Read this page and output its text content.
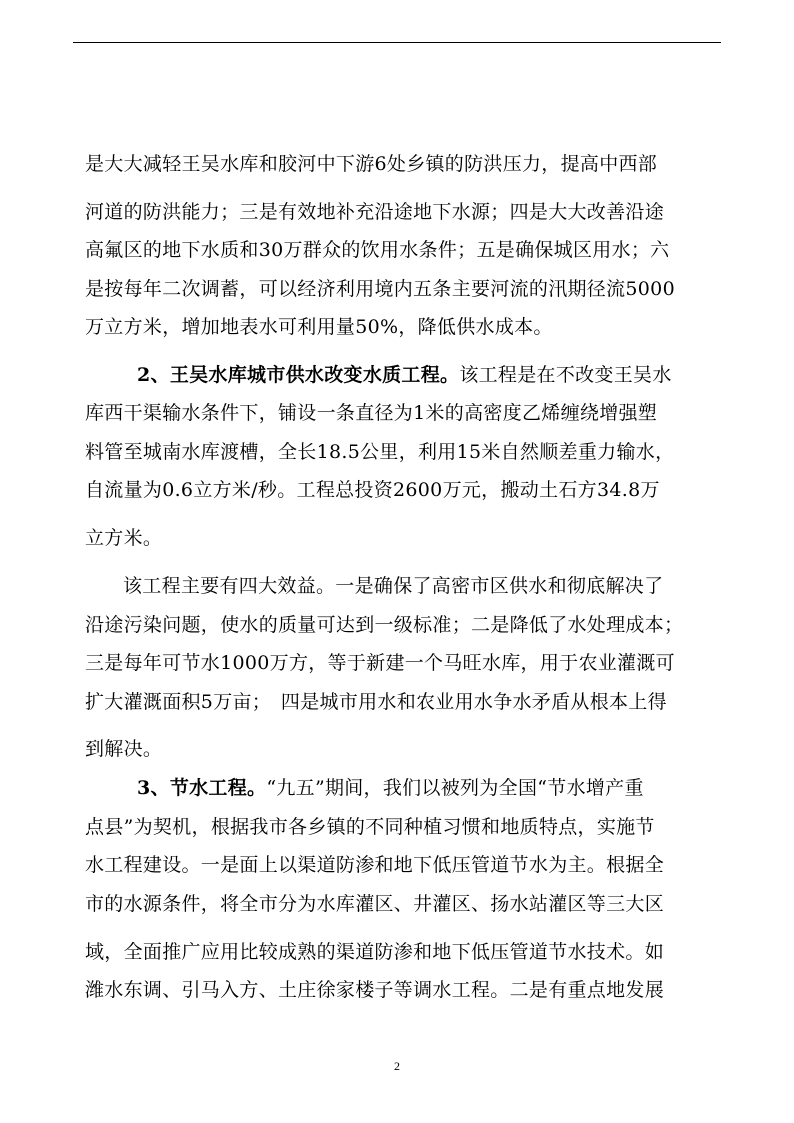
是大大减轻王吴水库和胶河中下游6处乡镇的防洪压力，提高中西部
河道的防洪能力；三是有效地补充沿途地下水源；四是大大改善沿途
高氟区的地下水质和30万群众的饮用水条件；五是确保城区用水；六
是按每年二次调蓄，可以经济利用境内五条主要河流的汛期径流5000
万立方米，增加地表水可利用量50%，降低供水成本。
2、王吴水库城市供水改变水质工程。该工程是在不改变王吴水
库西干渠输水条件下，铺设一条直径为1米的高密度乙烯缠绕增强塑
料管至城南水库渡槽，全长18.5公里，利用15米自然顺差重力输水，
自流量为0.6立方米/秒。工程总投资2600万元，搬动土石方34.8万
立方米。
该工程主要有四大效益。一是确保了高密市区供水和彻底解决了
沿途污染问题，使水的质量可达到一级标准；二是降低了水处理成本；
三是每年可节水1000万方，等于新建一个马旺水库，用于农业灌溉可
扩大灌溉面积5万亩；　四是城市用水和农业用水争水矛盾从根本上得
到解决。
3、节水工程。“九五”期间，我们以被列为全国“节水增产重
点县”为契机，根据我市各乡镇的不同种植习惯和地质特点，实施节
水工程建设。一是面上以渠道防渗和地下低压管道节水为主。根据全
市的水源条件，将全市分为水库灌区、井灌区、扬水站灌区等三大区
域，全面推广应用比较成熟的渠道防渗和地下低压管道节水技术。如
潍水东调、引马入方、土庄徐家楼子等调水工程。二是有重点地发展
2
